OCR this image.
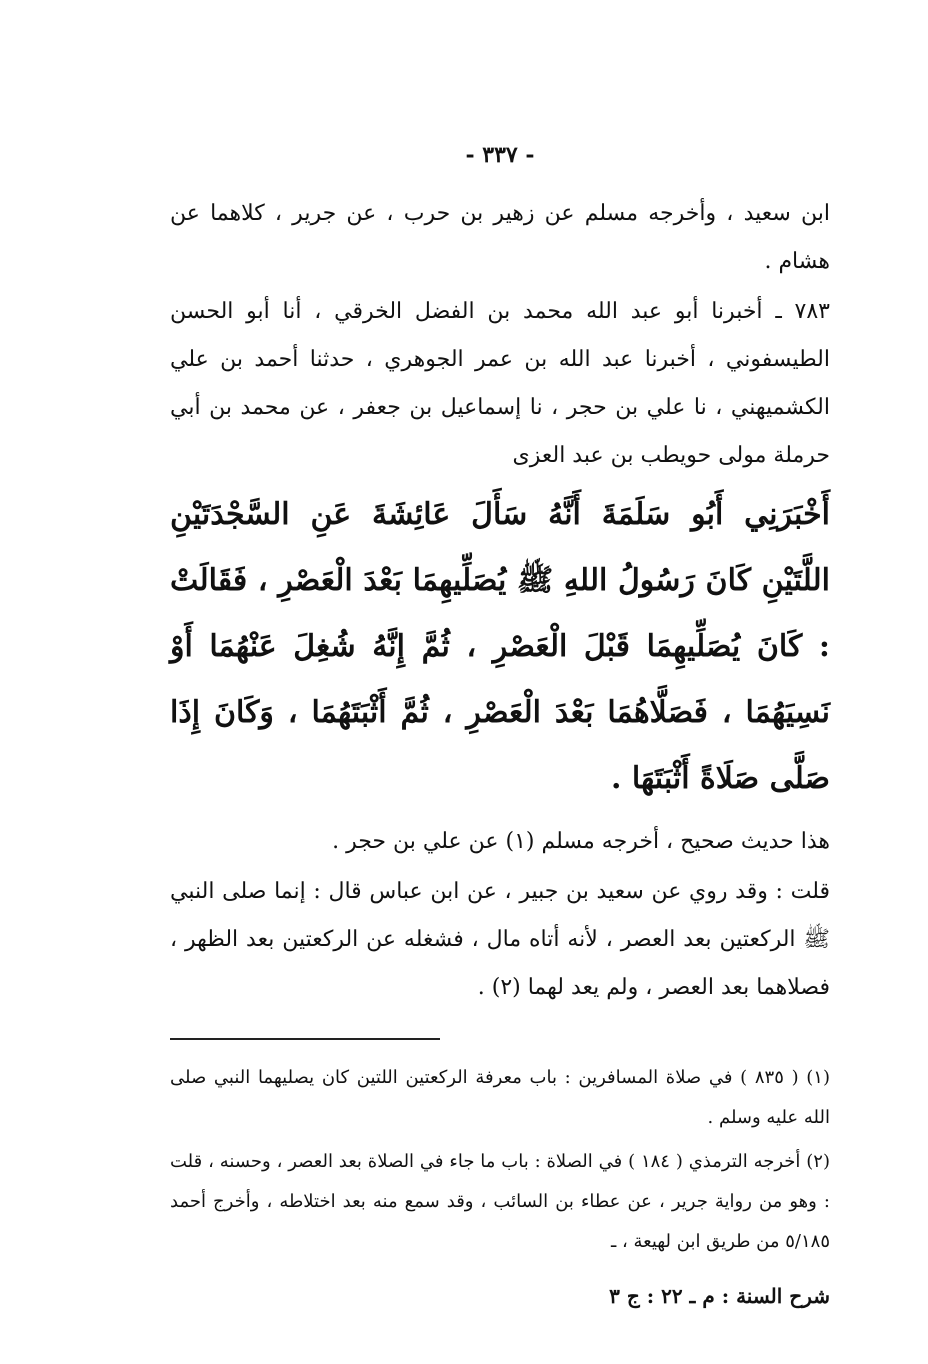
- ٣٣٧ -

ابن سعيد ، وأخرجه مسلم عن زهير بن حرب ، عن جرير ، كلاهما عن هشام .

٧٨٣ ـ أخبرنا أبو عبد الله محمد بن الفضل الخرقي ، أنا أبو الحسن الطيسفوني ، أخبرنا عبد الله بن عمر الجوهري ، حدثنا أحمد بن علي الكشميهني ، نا علي بن حجر ، نا إسماعيل بن جعفر ، عن محمد بن أبي حرملة مولى حويطب بن عبد العزى

أَخْبَرَنِي أَبُو سَلَمَةَ أَنَّهُ سَأَلَ عَائِشَةَ عَنِ السَّجْدَتَيْنِ اللَّتَيْنِ كَانَ رَسُولُ اللهِ ﷺ يُصَلِّيهِمَا بَعْدَ الْعَصْرِ ، فَقَالَتْ : كَانَ يُصَلِّيهِمَا قَبْلَ الْعَصْرِ ، ثُمَّ إِنَّهُ شُغِلَ عَنْهُمَا أَوْ نَسِيَهُمَا ، فَصَلَّاهُمَا بَعْدَ الْعَصْرِ ، ثُمَّ أَثْبَتَهُمَا ، وَكَانَ إِذَا صَلَّى صَلَاةً أَثْبَتَهَا .

هذا حديث صحيح ، أخرجه مسلم (١) عن علي بن حجر .

قلت : وقد روي عن سعيد بن جبير ، عن ابن عباس قال : إنما صلى النبي ﷺ الركعتين بعد العصر ، لأنه أتاه مال ، فشغله عن الركعتين بعد الظهر ، فصلاهما بعد العصر ، ولم يعد لهما (٢) .

(١) ( ٨٣٥ ) في صلاة المسافرين : باب معرفة الركعتين اللتين كان يصليهما النبي صلى الله عليه وسلم .

(٢) أخرجه الترمذي ( ١٨٤ ) في الصلاة : باب ما جاء في الصلاة بعد العصر ، وحسنه ، قلت : وهو من رواية جرير ، عن عطاء بن السائب ، وقد سمع منه بعد اختلاطه ، وأخرج أحمد ٥/١٨٥ من طريق ابن لهيعة ، ـ

شرح السنة : م ـ ٢٢ : ج ٣
